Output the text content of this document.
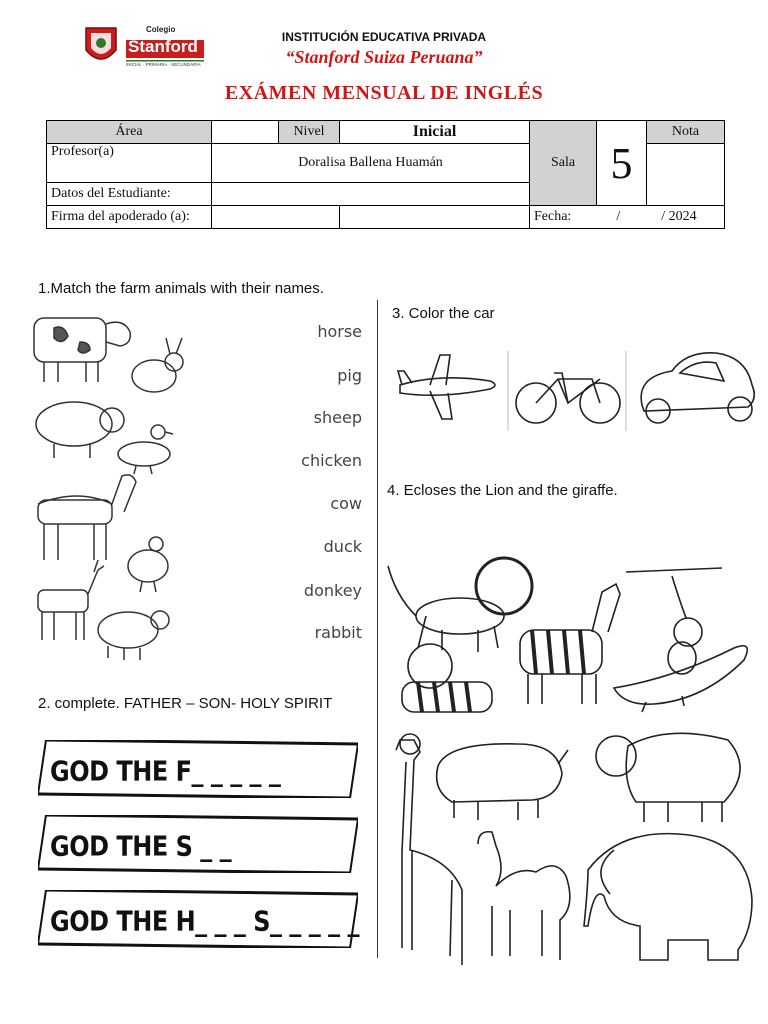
Colegio
Stanford
INICIAL · PRIMARIA · SECUNDARIA
INSTITUCIÓN EDUCATIVA PRIVADA
“Stanford Suiza Peruana”
EXÁMEN MENSUAL DE INGLÉS
Área		Nivel	Inicial	Sala	5	Nota
Profesor(a)	Doralisa Ballena Huamán					
Datos del Estudiante:						
Firma del apoderado (a):				Fecha: / / 2024		
1.Match the farm animals with their names.
horse
pig
sheep
chicken
cow
duck
donkey
rabbit
2. complete. FATHER – SON- HOLY SPIRIT
GOD THE F_ _ _ _ _
GOD THE S _ _
GOD THE H_ _ _ S_ _ _ _ _
3. Color the car
4. Ecloses the Lion and the giraffe.
